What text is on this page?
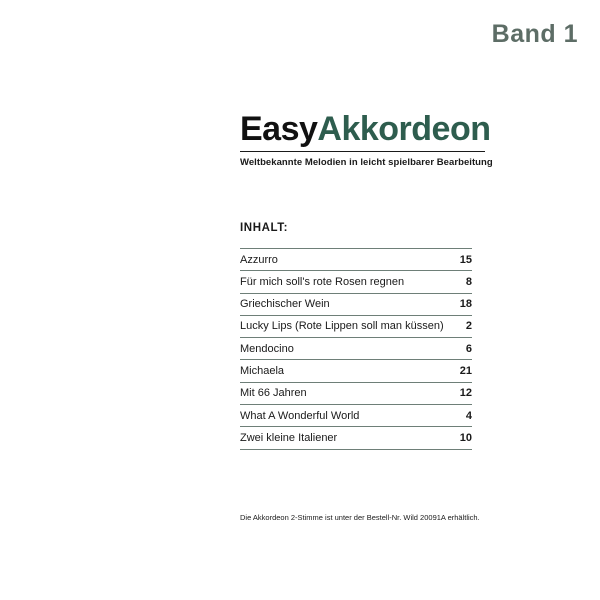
Band 1
EasyAkkordeon
Weltbekannte Melodien in leicht spielbarer Bearbeitung
INHALT:
Azzurro	15
Für mich soll's rote Rosen regnen	8
Griechischer Wein	18
Lucky Lips (Rote Lippen soll man küssen)	2
Mendocino	6
Michaela	21
Mit 66 Jahren	12
What A Wonderful World	4
Zwei kleine Italiener	10
Die Akkordeon 2-Stimme ist unter der Bestell-Nr. Wild 20091A erhältlich.
